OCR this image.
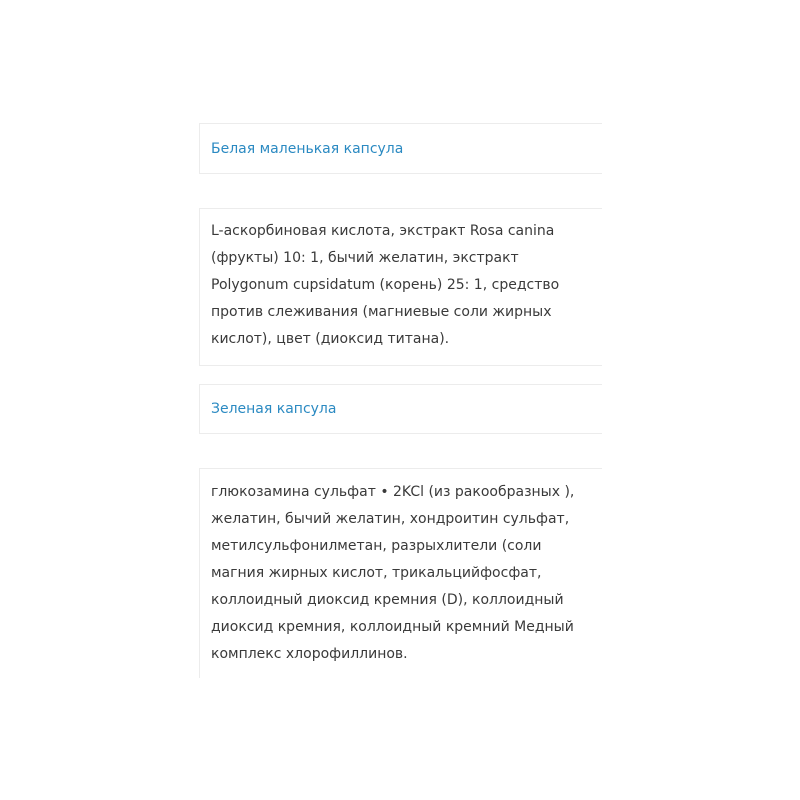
Белая маленькая капсула
L-аскорбиновая кислота, экстракт Rosa canina (фрукты) 10: 1, бычий желатин, экстракт Polygonum cupsidatum (корень) 25: 1, средство против слеживания (магниевые соли жирных кислот), цвет (диоксид титана).
Зеленая капсула
глюкозамина сульфат • 2KCl (из ракообразных ), желатин, бычий желатин, хондроитин сульфат, метилсульфонилметан, разрыхлители (соли магния жирных кислот, трикальцийфосфат, коллоидный диоксид кремния (D), коллоидный диоксид кремния, коллоидный кремний Медный комплекс хлорофиллинов.
